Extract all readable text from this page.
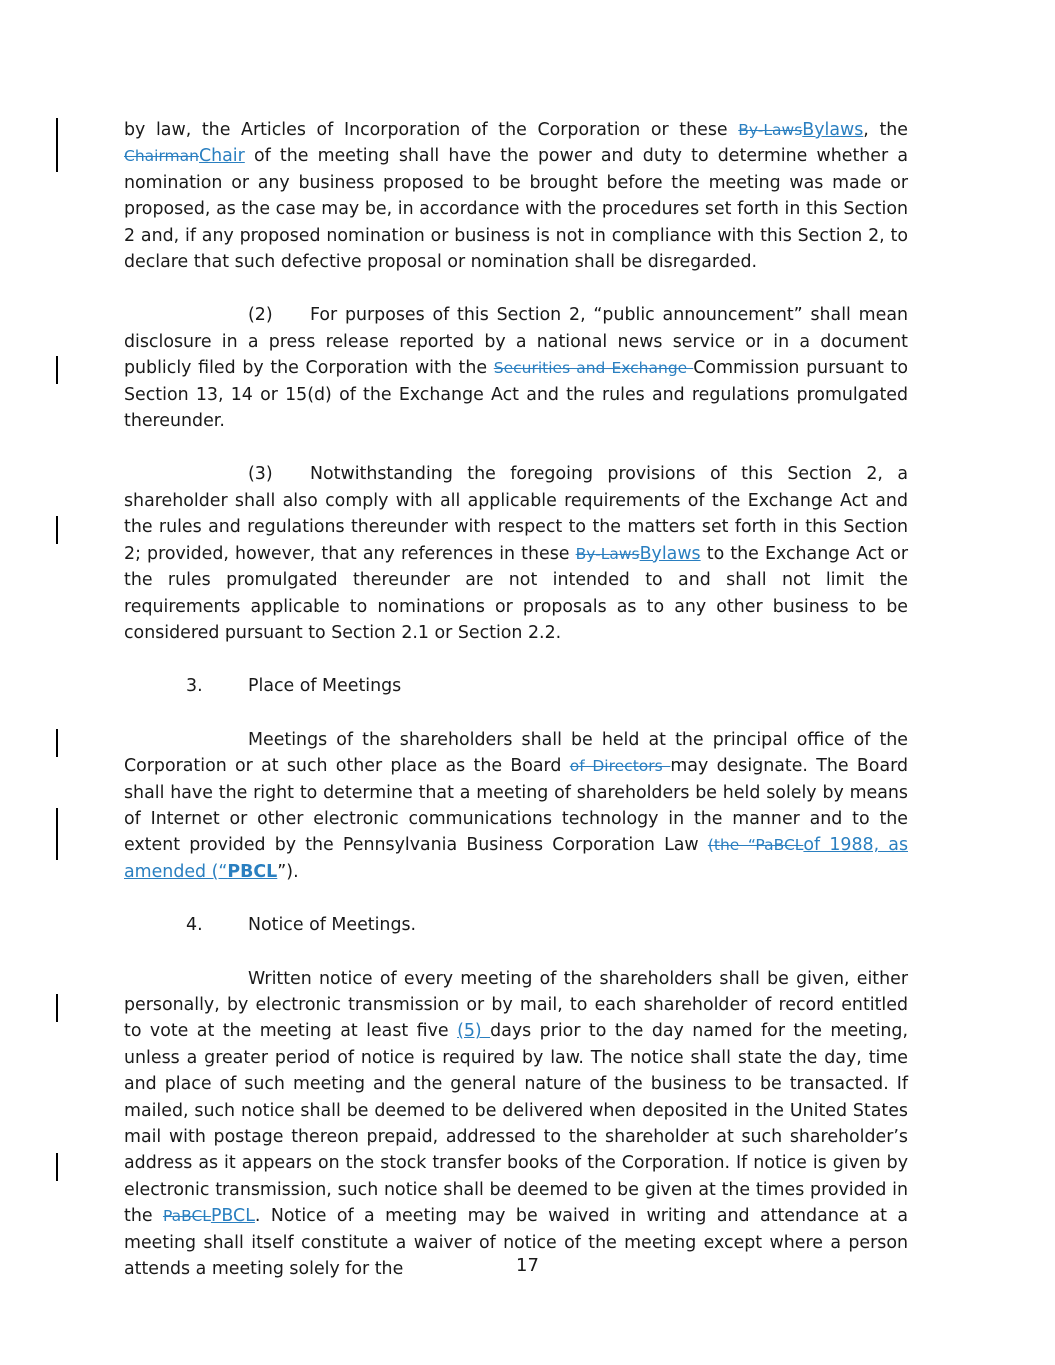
by law, the Articles of Incorporation of the Corporation or these By-LawsBylaws, the ChairmanChair of the meeting shall have the power and duty to determine whether a nomination or any business proposed to be brought before the meeting was made or proposed, as the case may be, in accordance with the procedures set forth in this Section 2 and, if any proposed nomination or business is not in compliance with this Section 2, to declare that such defective proposal or nomination shall be disregarded.

(2) For purposes of this Section 2, “public announcement” shall mean disclosure in a press release reported by a national news service or in a document publicly filed by the Corporation with the Securities and Exchange Commission pursuant to Section 13, 14 or 15(d) of the Exchange Act and the rules and regulations promulgated thereunder.

(3) Notwithstanding the foregoing provisions of this Section 2, a shareholder shall also comply with all applicable requirements of the Exchange Act and the rules and regulations thereunder with respect to the matters set forth in this Section 2; provided, however, that any references in these By-LawsBylaws to the Exchange Act or the rules promulgated thereunder are not intended to and shall not limit the requirements applicable to nominations or proposals as to any other business to be considered pursuant to Section 2.1 or Section 2.2.

3.	Place of Meetings

Meetings of the shareholders shall be held at the principal office of the Corporation or at such other place as the Board of Directors may designate. The Board shall have the right to determine that a meeting of shareholders be held solely by means of Internet or other electronic communications technology in the manner and to the extent provided by the Pennsylvania Business Corporation Law (the “PaBCLof 1988, as amended (“PBCL”).

4.	Notice of Meetings.

Written notice of every meeting of the shareholders shall be given, either personally, by electronic transmission or by mail, to each shareholder of record entitled to vote at the meeting at least five (5) days prior to the day named for the meeting, unless a greater period of notice is required by law. The notice shall state the day, time and place of such meeting and the general nature of the business to be transacted. If mailed, such notice shall be deemed to be delivered when deposited in the United States mail with postage thereon prepaid, addressed to the shareholder at such shareholder’s address as it appears on the stock transfer books of the Corporation. If notice is given by electronic transmission, such notice shall be deemed to be given at the times provided in the PaBCLPBCL. Notice of a meeting may be waived in writing and attendance at a meeting shall itself constitute a waiver of notice of the meeting except where a person attends a meeting solely for the	17
